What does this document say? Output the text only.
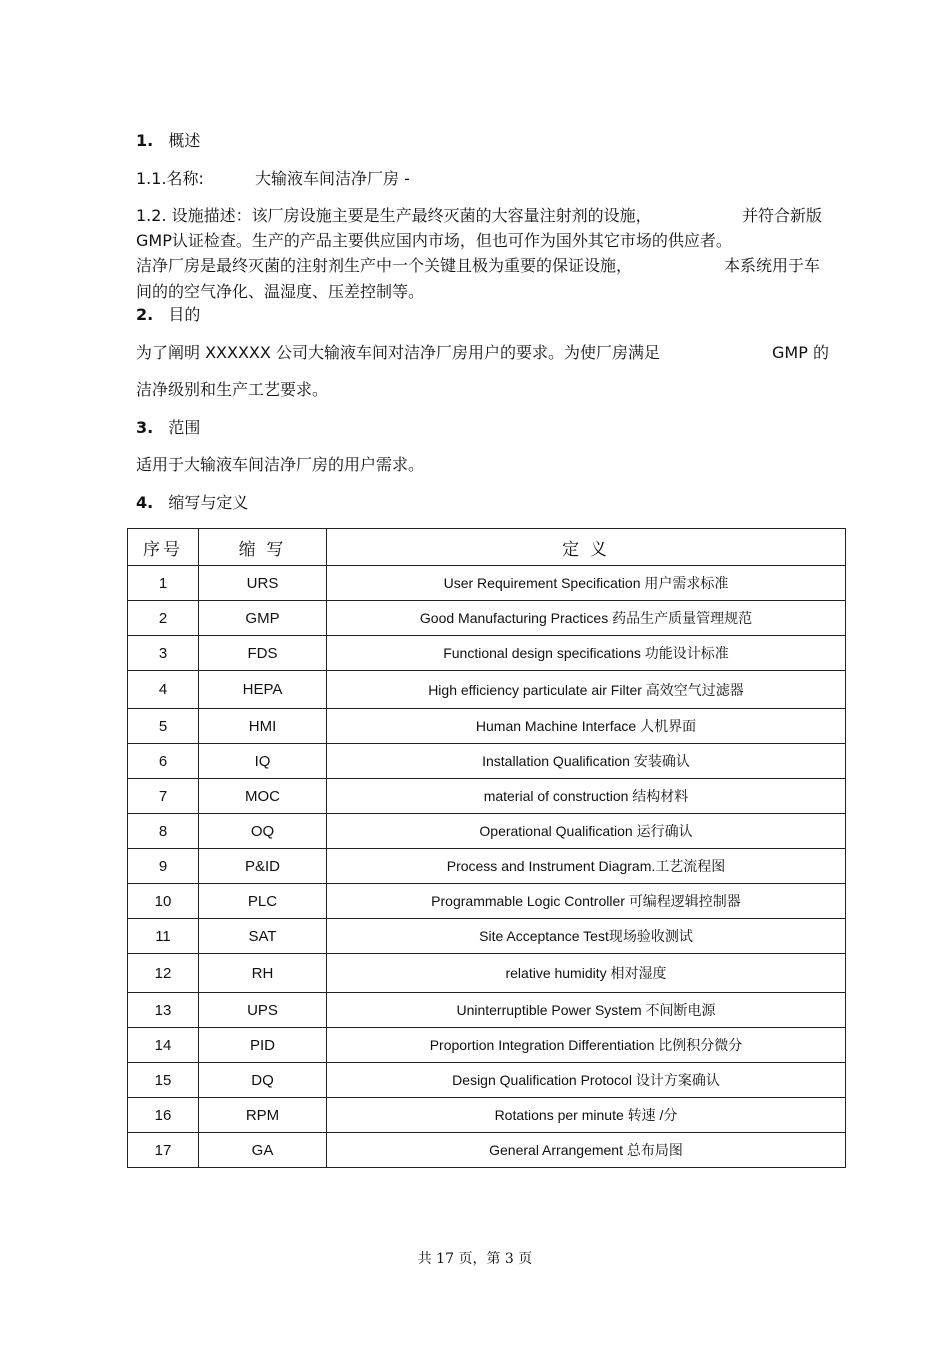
1. 概述
1.1.名称:	大输液车间洁净厂房 -
1.2. 设施描述：该厂房设施主要是生产最终灭菌的大容量注射剂的设施，	并符合新版
GMP认证检查。生产的产品主要供应国内市场，但也可作为国外其它市场的供应者。
洁净厂房是最终灭菌的注射剂生产中一个关键且极为重要的保证设施，	本系统用于车
间的的空气净化、温湿度、压差控制等。
2. 目的
为了阐明 XXXXXX 公司大输液车间对洁净厂房用户的要求。为使厂房满足	GMP 的
洁净级别和生产工艺要求。
3. 范围
适用于大输液车间洁净厂房的用户需求。
4. 缩写与定义
序号	缩 写	定 义
1	URS	User Requirement Specification 用户需求标准
2	GMP	Good Manufacturing Practices 药品生产质量管理规范
3	FDS	Functional design specifications 功能设计标准
4	HEPA	High efficiency particulate air Filter 高效空气过滤器
5	HMI	Human Machine Interface 人机界面
6	IQ	Installation Qualification 安装确认
7	MOC	material of construction 结构材料
8	OQ	Operational Qualification 运行确认
9	P&ID	Process and Instrument Diagram.工艺流程图
10	PLC	Programmable Logic Controller 可编程逻辑控制器
11	SAT	Site Acceptance Test现场验收测试
12	RH	relative humidity 相对湿度
13	UPS	Uninterruptible Power System 不间断电源
14	PID	Proportion Integration Differentiation 比例积分微分
15	DQ	Design Qualification Protocol 设计方案确认
16	RPM	Rotations per minute 转速 /分
17	GA	General Arrangement 总布局图
共 17 页，第 3 页
